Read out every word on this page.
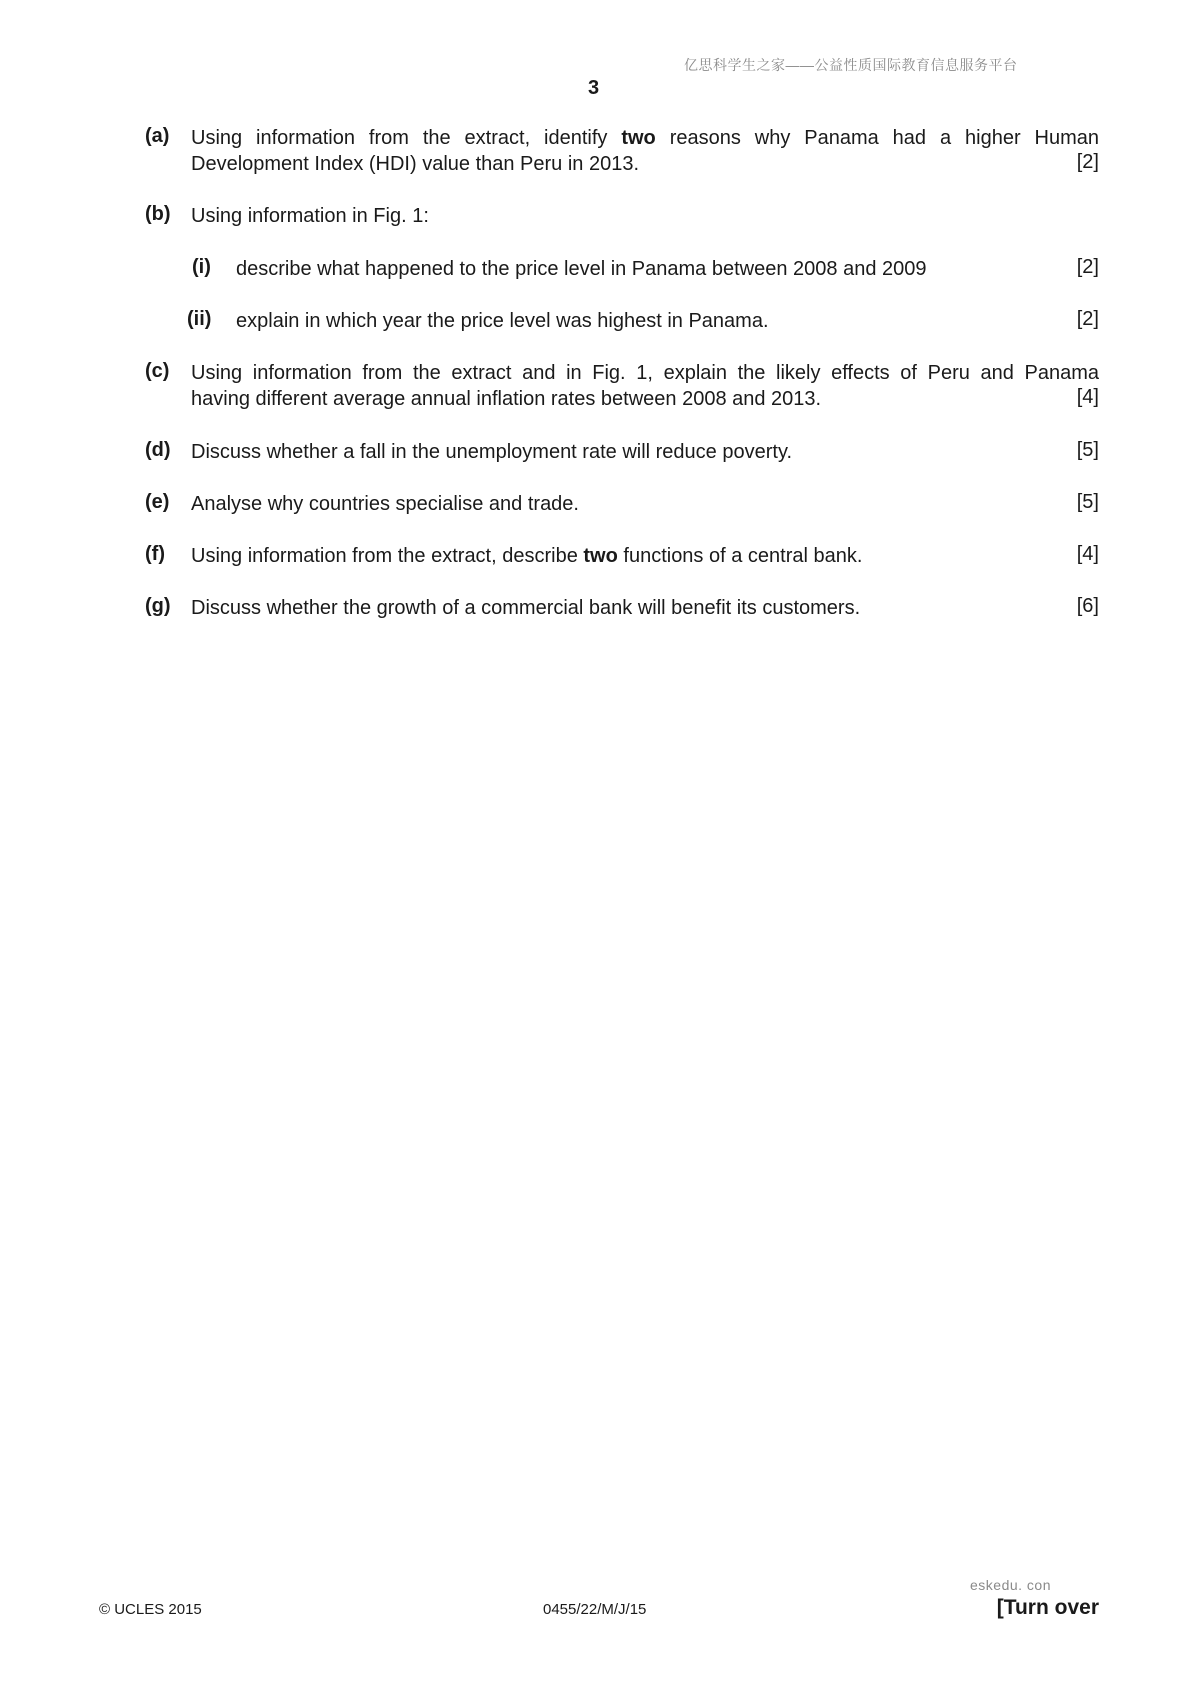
亿思科学生之家——公益性质国际教育信息服务平台
3
(a) Using information from the extract, identify two reasons why Panama had a higher Human
Development Index (HDI) value than Peru in 2013.	[2]
(b) Using information in Fig. 1:
(i) describe what happened to the price level in Panama between 2008 and 2009	[2]
(ii) explain in which year the price level was highest in Panama.	[2]
(c) Using information from the extract and in Fig. 1, explain the likely effects of Peru and Panama
having different average annual inflation rates between 2008 and 2013.	[4]
(d) Discuss whether a fall in the unemployment rate will reduce poverty.	[5]
(e) Analyse why countries specialise and trade.	[5]
(f) Using information from the extract, describe two functions of a central bank.	[4]
(g) Discuss whether the growth of a commercial bank will benefit its customers.	[6]
eskedu. con
© UCLES 2015	0455/22/M/J/15	[Turn over
